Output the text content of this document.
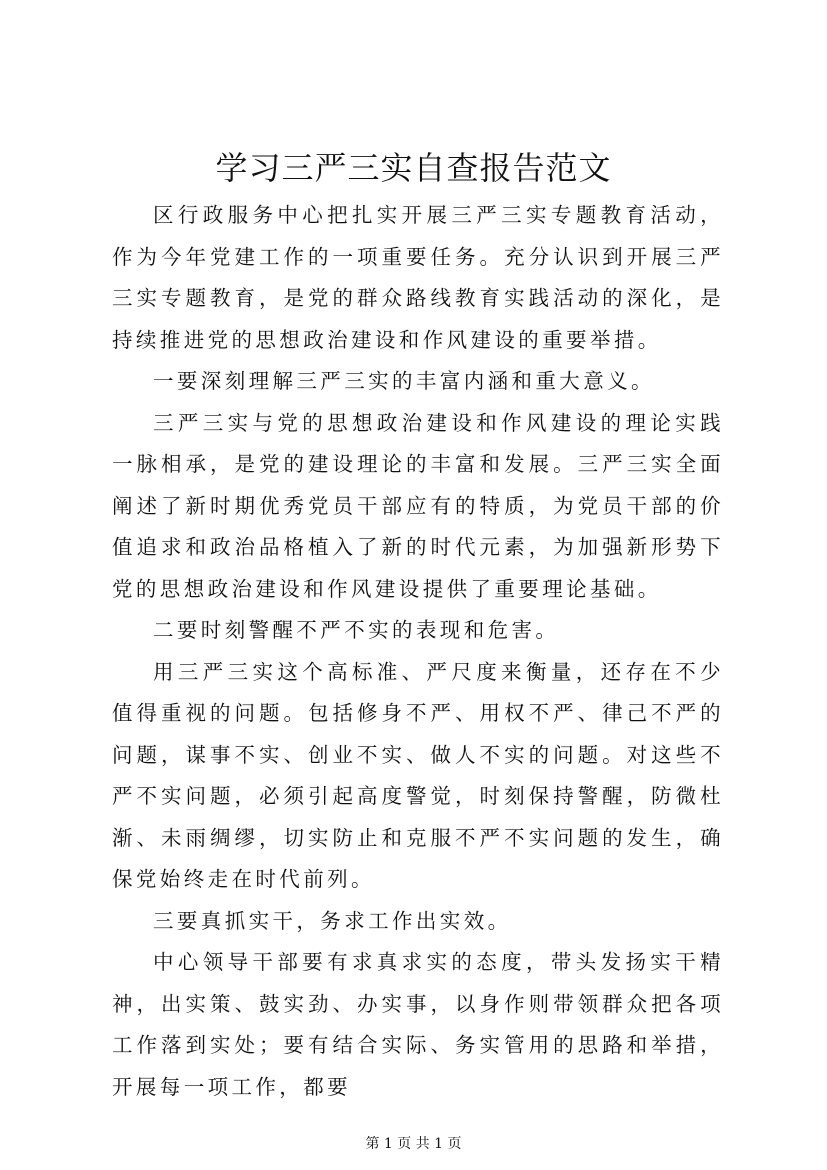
学习三严三实自查报告范文

区行政服务中心把扎实开展三严三实专题教育活动，作为今年党建工作的一项重要任务。充分认识到开展三严三实专题教育，是党的群众路线教育实践活动的深化，是持续推进党的思想政治建设和作风建设的重要举措。

一要深刻理解三严三实的丰富内涵和重大意义。

三严三实与党的思想政治建设和作风建设的理论实践一脉相承，是党的建设理论的丰富和发展。三严三实全面阐述了新时期优秀党员干部应有的特质，为党员干部的价值追求和政治品格植入了新的时代元素，为加强新形势下党的思想政治建设和作风建设提供了重要理论基础。

二要时刻警醒不严不实的表现和危害。

用三严三实这个高标准、严尺度来衡量，还存在不少值得重视的问题。包括修身不严、用权不严、律己不严的问题，谋事不实、创业不实、做人不实的问题。对这些不严不实问题，必须引起高度警觉，时刻保持警醒，防微杜渐、未雨绸缪，切实防止和克服不严不实问题的发生，确保党始终走在时代前列。

三要真抓实干，务求工作出实效。

中心领导干部要有求真求实的态度，带头发扬实干精神，出实策、鼓实劲、办实事，以身作则带领群众把各项工作落到实处；要有结合实际、务实管用的思路和举措，开展每一项工作，都要

第 1 页 共 1 页
